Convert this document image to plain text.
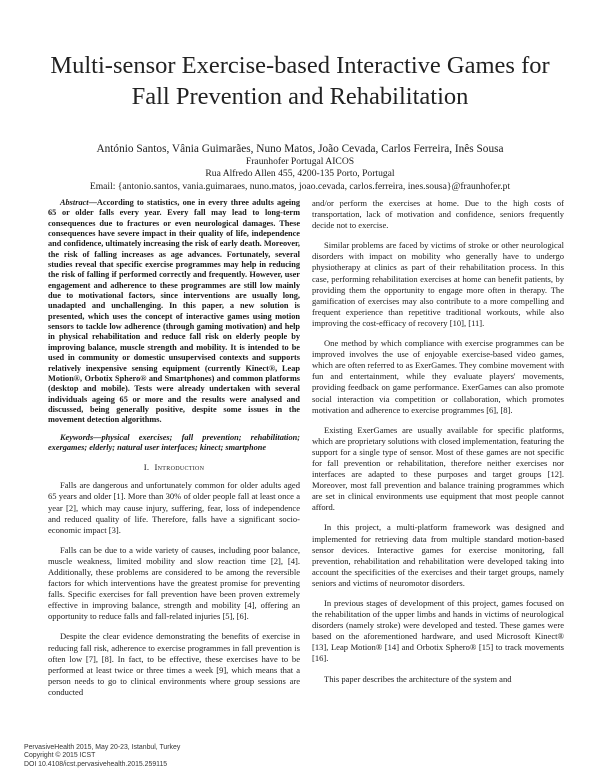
Multi-sensor Exercise-based Interactive Games for Fall Prevention and Rehabilitation
António Santos, Vânia Guimarães, Nuno Matos, João Cevada, Carlos Ferreira, Inês Sousa
Fraunhofer Portugal AICOS
Rua Alfredo Allen 455, 4200-135 Porto, Portugal
Email: {antonio.santos, vania.guimaraes, nuno.matos, joao.cevada, carlos.ferreira, ines.sousa}@fraunhofer.pt

Abstract—According to statistics, one in every three adults ageing 65 or older falls every year. Every fall may lead to long-term consequences due to fractures or even neurological damages. These consequences have severe impact in their quality of life, independence and confidence, ultimately increasing the risk of early death. Moreover, the risk of falling increases as age advances. Fortunately, several studies reveal that specific exercise programmes may help in reducing the risk of falling if performed correctly and frequently. However, user engagement and adherence to these programmes are still low mainly due to motivational factors, since interventions are usually long, unadapted and unchallenging. In this paper, a new solution is presented, which uses the concept of interactive games using motion sensors to tackle low adherence (through gaming motivation) and help in physical rehabilitation and reduce fall risk on elderly people by improving balance, muscle strength and mobility. It is intended to be used in community or domestic unsupervised contexts and supports relatively inexpensive sensing equipment (currently Kinect®, Leap Motion®, Orbotix Sphero® and Smartphones) and common platforms (desktop and mobile). Tests were already undertaken with several individuals ageing 65 or more and the results were analysed and discussed, being generally positive, despite some issues in the movement detection algorithms.

Keywords—physical exercises; fall prevention; rehabilitation; exergames; elderly; natural user interfaces; kinect; smartphone

I. Introduction

Falls are dangerous and unfortunately common for older adults aged 65 years and older [1]. More than 30% of older people fall at least once a year [2], which may cause injury, suffering, fear, loss of independence and reduced quality of life. Therefore, falls have a significant socio-economic impact [3].

Falls can be due to a wide variety of causes, including poor balance, muscle weakness, limited mobility and slow reaction time [2], [4]. Additionally, these problems are considered to be among the reversible factors for which interventions have the greatest promise for preventing falls. Specific exercises for fall prevention have been proven extremely effective in improving balance, strength and mobility [4], offering an opportunity to reduce falls and fall-related injuries [5], [6].

Despite the clear evidence demonstrating the benefits of exercise in reducing fall risk, adherence to exercise programmes in fall prevention is often low [7], [8]. In fact, to be effective, these exercises have to be performed at least twice or three times a week [9], which means that a person needs to go to clinical environments where group sessions are conducted

and/or perform the exercises at home. Due to the high costs of transportation, lack of motivation and confidence, seniors frequently decide not to exercise.

Similar problems are faced by victims of stroke or other neurological disorders with impact on mobility who generally have to undergo physiotherapy at clinics as part of their rehabilitation process. In this case, performing rehabilitation exercises at home can benefit patients, by providing them the opportunity to engage more often in therapy. The gamification of exercises may also contribute to a more compelling and frequent experience than repetitive traditional workouts, while also improving the cost-efficacy of recovery [10], [11].

One method by which compliance with exercise programmes can be improved involves the use of enjoyable exercise-based video games, which are often referred to as ExerGames. They combine movement with fun and entertainment, while they evaluate players' movements, providing feedback on game performance. ExerGames can also promote social interaction via competition or collaboration, which promotes motivation and adherence to exercise programmes [6], [8].

Existing ExerGames are usually available for specific platforms, which are proprietary solutions with closed implementation, featuring the support for a single type of sensor. Most of these games are not specific for fall prevention or rehabilitation, therefore neither exercises nor interfaces are adapted to these purposes and target groups [12]. Moreover, most fall prevention and balance training programmes which are set in clinical environments use equipment that most people cannot afford.

In this project, a multi-platform framework was designed and implemented for retrieving data from multiple standard motion-based sensor devices. Interactive games for exercise monitoring, fall prevention, rehabilitation and rehabilitation were developed taking into account the specificities of the exercises and their target groups, namely seniors and victims of neuromotor disorders.

In previous stages of development of this project, games focused on the rehabilitation of the upper limbs and hands in victims of neurological disorders (namely stroke) were developed and tested. These games were based on the aforementioned hardware, and used Microsoft Kinect® [13], Leap Motion® [14] and Orbotix Sphero® [15] to track movements [16].

This paper describes the architecture of the system and

PervasiveHealth 2015, May 20-23, Istanbul, Turkey
Copyright © 2015 ICST
DOI 10.4108/icst.pervasivehealth.2015.259115
